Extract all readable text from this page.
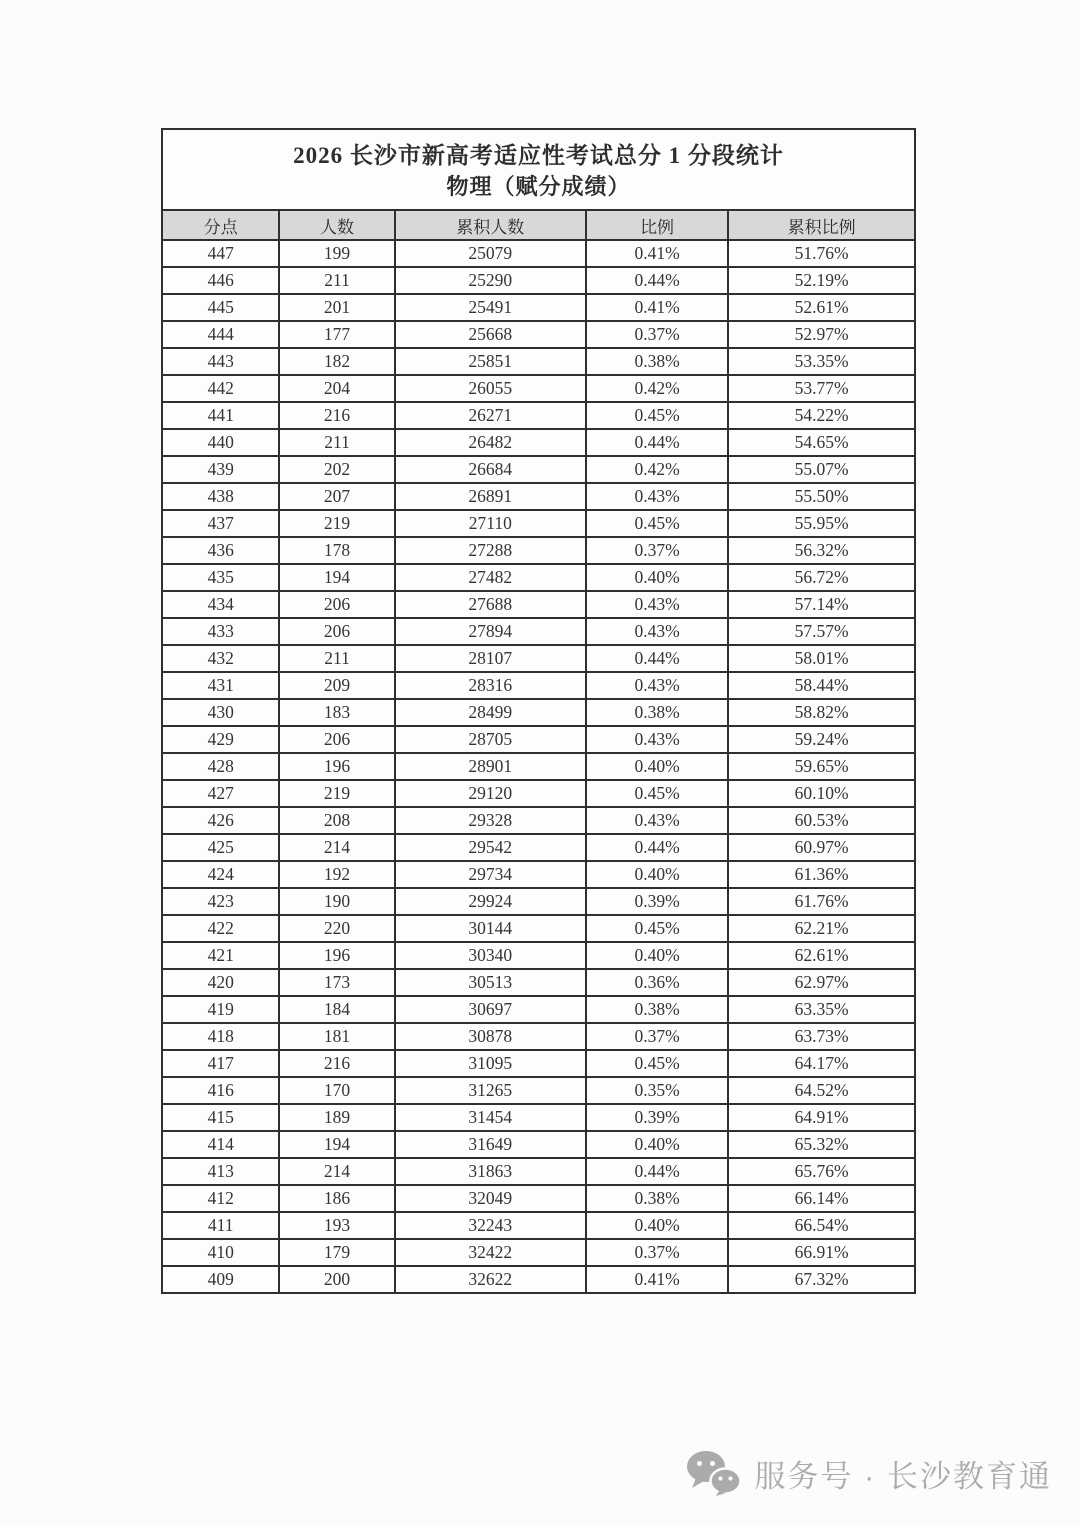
2026 长沙市新高考适应性考试总分 1 分段统计
物理（赋分成绩）				

分点	人数	累积人数	比例	累积比例
447	199	25079	0.41%	51.76%
446	211	25290	0.44%	52.19%
445	201	25491	0.41%	52.61%
444	177	25668	0.37%	52.97%
443	182	25851	0.38%	53.35%
442	204	26055	0.42%	53.77%
441	216	26271	0.45%	54.22%
440	211	26482	0.44%	54.65%
439	202	26684	0.42%	55.07%
438	207	26891	0.43%	55.50%
437	219	27110	0.45%	55.95%
436	178	27288	0.37%	56.32%
435	194	27482	0.40%	56.72%
434	206	27688	0.43%	57.14%
433	206	27894	0.43%	57.57%
432	211	28107	0.44%	58.01%
431	209	28316	0.43%	58.44%
430	183	28499	0.38%	58.82%
429	206	28705	0.43%	59.24%
428	196	28901	0.40%	59.65%
427	219	29120	0.45%	60.10%
426	208	29328	0.43%	60.53%
425	214	29542	0.44%	60.97%
424	192	29734	0.40%	61.36%
423	190	29924	0.39%	61.76%
422	220	30144	0.45%	62.21%
421	196	30340	0.40%	62.61%
420	173	30513	0.36%	62.97%
419	184	30697	0.38%	63.35%
418	181	30878	0.37%	63.73%
417	216	31095	0.45%	64.17%
416	170	31265	0.35%	64.52%
415	189	31454	0.39%	64.91%
414	194	31649	0.40%	65.32%
413	214	31863	0.44%	65.76%
412	186	32049	0.38%	66.14%
411	193	32243	0.40%	66.54%
410	179	32422	0.37%	66.91%
409	200	32622	0.41%	67.32%
服务号 · 长沙教育通
